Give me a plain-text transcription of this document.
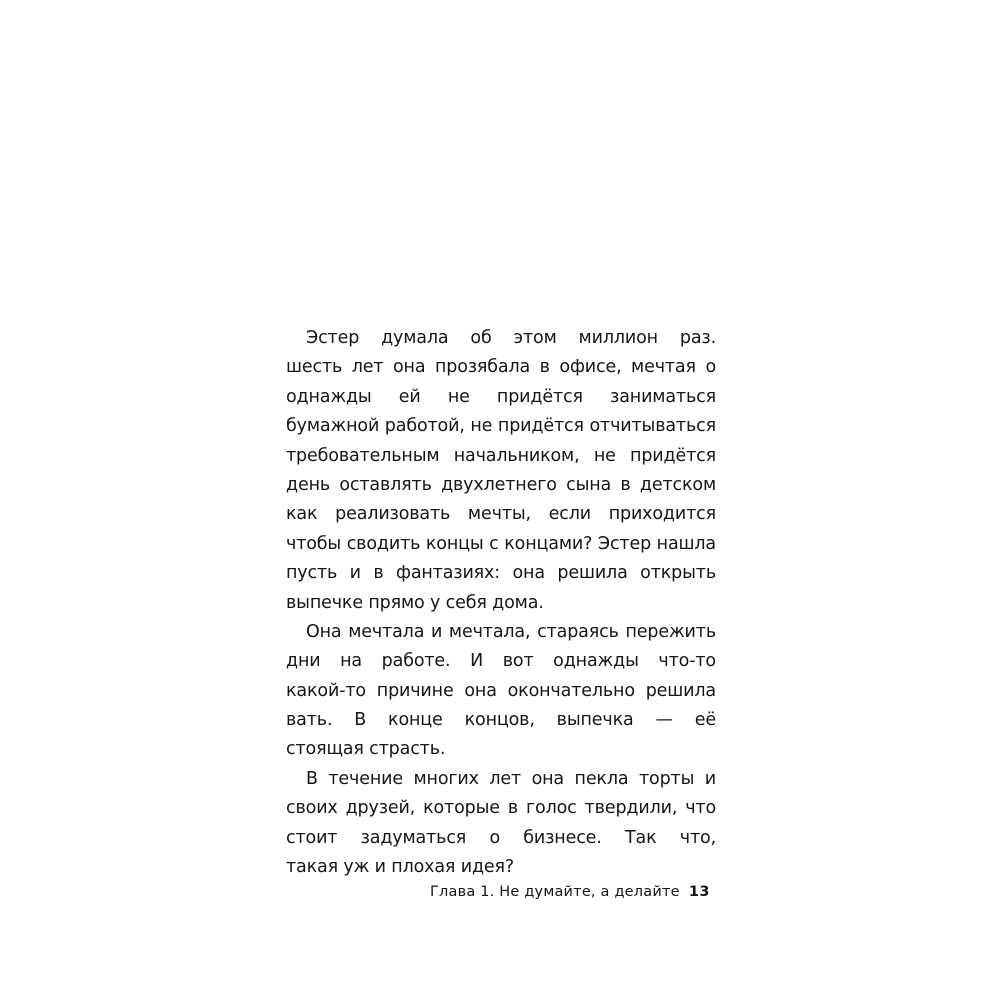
Эстер думала об этом миллион раз.
шесть лет она прозябала в офисе, мечтая о
однажды ей не придётся заниматься
бумажной работой, не придётся отчитываться
требовательным начальником, не придётся
день оставлять двухлетнего сына в детском
как реализовать мечты, если приходится
чтобы сводить концы с концами? Эстер нашла
пусть и в фантазиях: она решила открыть
выпечке прямо у себя дома.
Она мечтала и мечтала, стараясь пережить
дни на работе. И вот однажды что-то
какой-то причине она окончательно решила
вать. В конце концов, выпечка — её
стоящая страсть.
В течение многих лет она пекла торты и
своих друзей, которые в голос твердили, что
стоит задуматься о бизнесе. Так что,
такая уж и плохая идея?
Глава 1. Не думайте, а делайте 13
